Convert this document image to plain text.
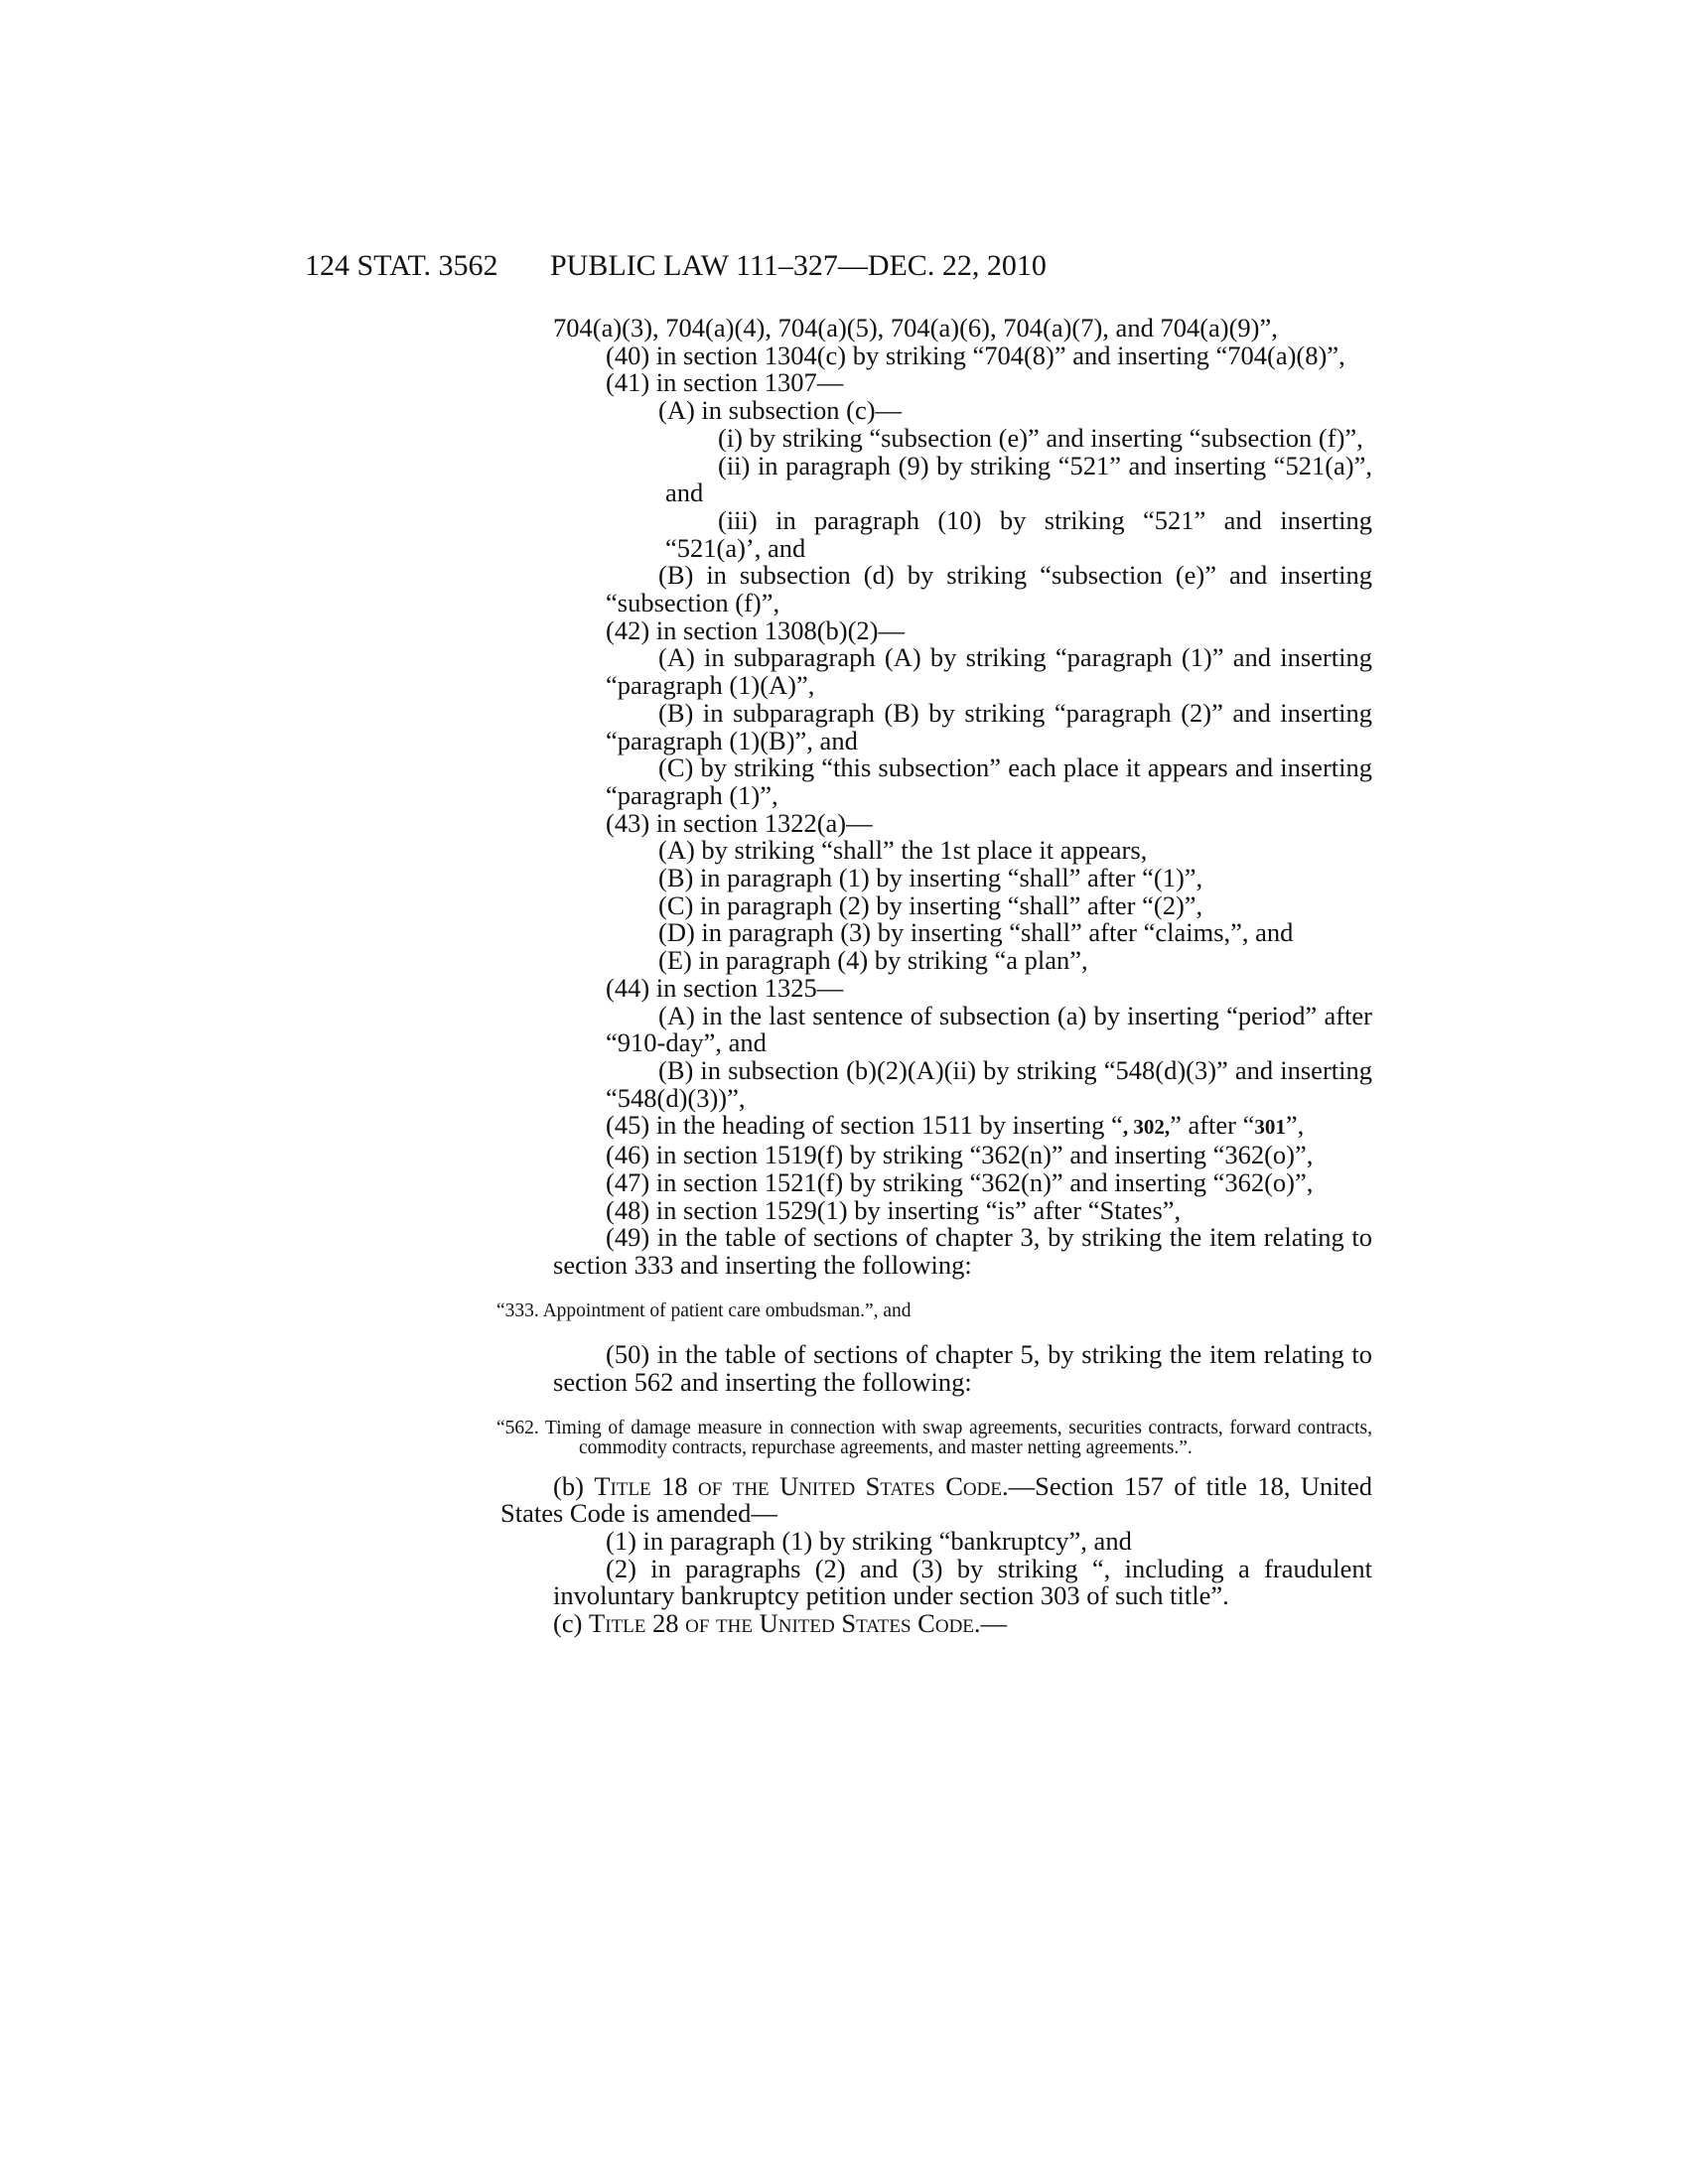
124 STAT. 3562 PUBLIC LAW 111–327—DEC. 22, 2010

704(a)(3), 704(a)(4), 704(a)(5), 704(a)(6), 704(a)(7), and 704(a)(9)”,

(40) in section 1304(c) by striking “704(8)” and inserting “704(a)(8)”,

(41) in section 1307—

(A) in subsection (c)—

(i) by striking “subsection (e)” and inserting “subsection (f)”,

(ii) in paragraph (9) by striking “521” and inserting “521(a)”, and

(iii) in paragraph (10) by striking “521” and inserting “521(a)’, and

(B) in subsection (d) by striking “subsection (e)” and inserting “subsection (f)”,

(42) in section 1308(b)(2)—

(A) in subparagraph (A) by striking “paragraph (1)” and inserting “paragraph (1)(A)”,

(B) in subparagraph (B) by striking “paragraph (2)” and inserting “paragraph (1)(B)”, and

(C) by striking “this subsection” each place it appears and inserting “paragraph (1)”,

(43) in section 1322(a)—

(A) by striking “shall” the 1st place it appears,

(B) in paragraph (1) by inserting “shall” after “(1)”,

(C) in paragraph (2) by inserting “shall” after “(2)”,

(D) in paragraph (3) by inserting “shall” after “claims,”, and

(E) in paragraph (4) by striking “a plan”,

(44) in section 1325—

(A) in the last sentence of subsection (a) by inserting “period” after “910-day”, and

(B) in subsection (b)(2)(A)(ii) by striking “548(d)(3)” and inserting “548(d)(3))”,

(45) in the heading of section 1511 by inserting “, 302,” after “301”,

(46) in section 1519(f) by striking “362(n)” and inserting “362(o)”,

(47) in section 1521(f) by striking “362(n)” and inserting “362(o)”,

(48) in section 1529(1) by inserting “is” after “States”,

(49) in the table of sections of chapter 3, by striking the item relating to section 333 and inserting the following:

“333. Appointment of patient care ombudsman.”, and

(50) in the table of sections of chapter 5, by striking the item relating to section 562 and inserting the following:

“562. Timing of damage measure in connection with swap agreements, securities contracts, forward contracts, commodity contracts, repurchase agreements, and master netting agreements.”.

(b) Title 18 of the United States Code.—Section 157 of title 18, United States Code is amended—

(1) in paragraph (1) by striking “bankruptcy”, and

(2) in paragraphs (2) and (3) by striking “, including a fraudulent involuntary bankruptcy petition under section 303 of such title”.

(c) Title 28 of the United States Code.—
